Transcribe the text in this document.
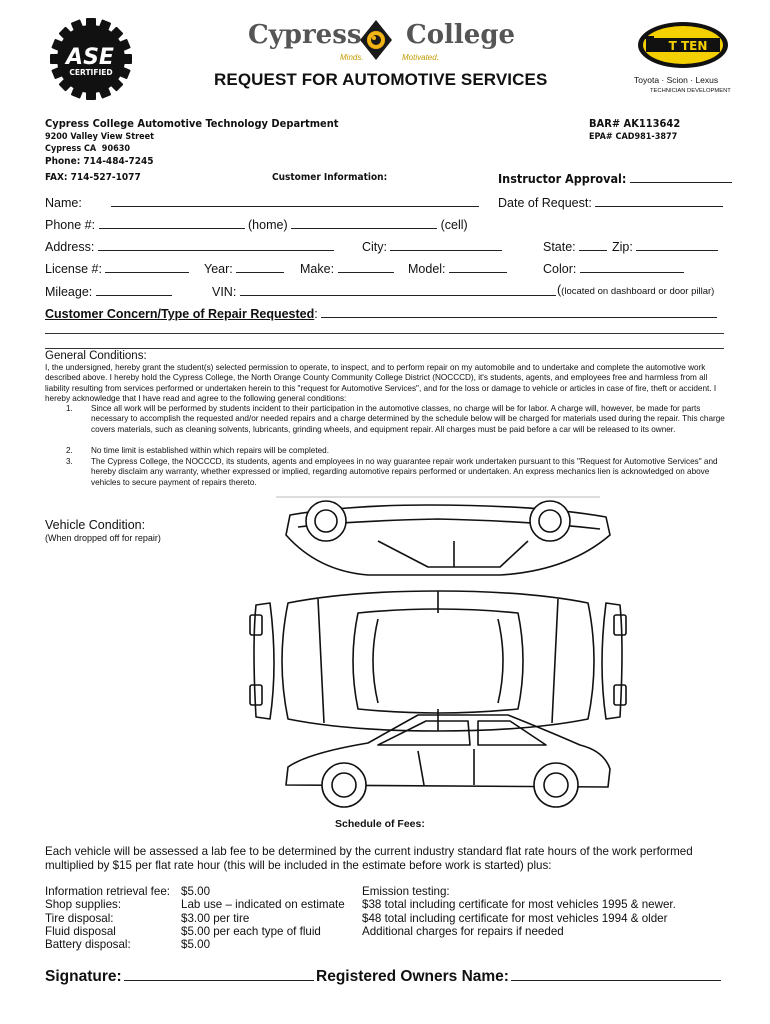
ASE
CERTIFIED
Cypress College
Minds.	Motivated.
REQUEST FOR AUTOMOTIVE SERVICES
T TEN
Toyota · Scion · Lexus
TECHNICIAN DEVELOPMENT
Cypress College Automotive Technology Department
9200 Valley View Street
Cypress CA  90630
Phone: 714-484-7245
FAX: 714-527-1077
BAR# AK113642
EPA# CAD981-3877
Customer Information:	Instructor Approval:
Name:	Date of Request:
Phone #:	(home)	(cell)
Address:	City:	State:	Zip:
License #:	Year:	Make:	Model:	Color:
Mileage:	VIN:	((located on dashboard or door pillar)
Customer Concern/Type of Repair Requested:
General Conditions:
I, the undersigned, hereby grant the student(s) selected permission to operate, to inspect, and to perform repair on my automobile and to undertake and complete the automotive work described above. I hereby hold the Cypress College, the North Orange County Community College District (NOCCCD), it's students, agents, and employees free and harmless from all liability resulting from services performed or undertaken herein to this "request for Automotive Services", and for the loss or damage to vehicle or articles in case of fire, theft or accident. I hereby acknowledge that I have read and agree to the following general conditions:
1. Since all work will be performed by students incident to their participation in the automotive classes, no charge will be for labor. A charge will, however, be made for parts necessary to accomplish the requested and/or needed repairs and a charge determined by the schedule below will be charged for materials used during the repair. This charge covers materials, such as cleaning solvents, lubricants, grinding wheels, and equipment repair. All charges must be paid before a car will be released to its owner.
2. No time limit is established within which repairs will be completed.
3. The Cypress College, the NOCCCD, its students, agents and employees in no way guarantee repair work undertaken pursuant to this "Request for Automotive Services" and hereby disclaim any warranty, whether expressed or implied, regarding automotive repairs performed or undertaken. An express mechanics lien is acknowledged on above vehicles to secure payment of repairs thereto.
Vehicle Condition:
(When dropped off for repair)
Schedule of Fees:
Each vehicle will be assessed a lab fee to be determined by the current industry standard flat rate hours of the work performed multiplied by $15 per flat rate hour (this will be included in the estimate before work is started) plus:
Information retrieval fee:	$5.00	Emission testing:
Shop supplies:	Lab use – indicated on estimate	$38 total including certificate for most vehicles 1995 & newer.
Tire disposal:	$3.00 per tire	$48 total including certificate for most vehicles 1994 & older
Fluid disposal	$5.00 per each type of fluid	Additional charges for repairs if needed
Battery disposal:	$5.00	
Signature:	Registered Owners Name:
